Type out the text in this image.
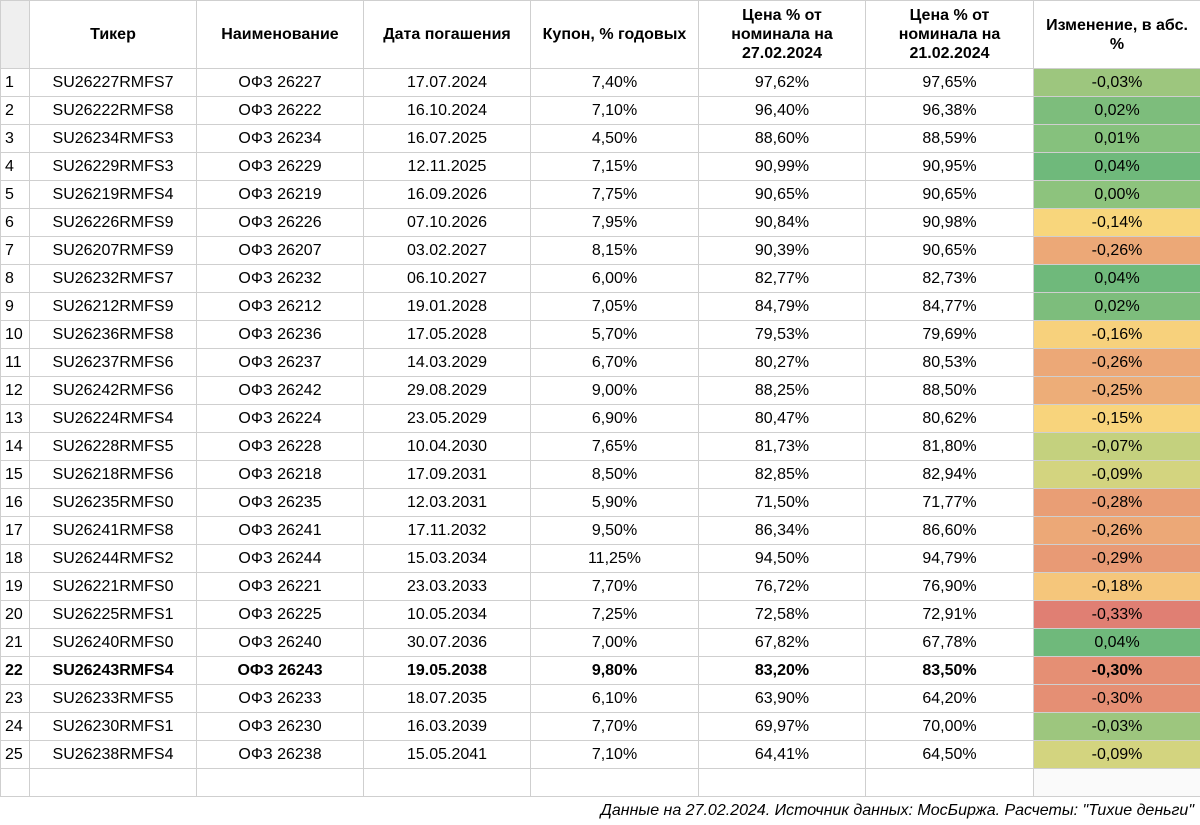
	Тикер	Наименование	Дата погашения	Купон, % годовых	Цена % от номинала на 27.02.2024	Цена % от номинала на 21.02.2024	Изменение, в абс. %
1	SU26227RMFS7	ОФЗ 26227	17.07.2024	7,40%	97,62%	97,65%	-0,03%
2	SU26222RMFS8	ОФЗ 26222	16.10.2024	7,10%	96,40%	96,38%	0,02%
3	SU26234RMFS3	ОФЗ 26234	16.07.2025	4,50%	88,60%	88,59%	0,01%
4	SU26229RMFS3	ОФЗ 26229	12.11.2025	7,15%	90,99%	90,95%	0,04%
5	SU26219RMFS4	ОФЗ 26219	16.09.2026	7,75%	90,65%	90,65%	0,00%
6	SU26226RMFS9	ОФЗ 26226	07.10.2026	7,95%	90,84%	90,98%	-0,14%
7	SU26207RMFS9	ОФЗ 26207	03.02.2027	8,15%	90,39%	90,65%	-0,26%
8	SU26232RMFS7	ОФЗ 26232	06.10.2027	6,00%	82,77%	82,73%	0,04%
9	SU26212RMFS9	ОФЗ 26212	19.01.2028	7,05%	84,79%	84,77%	0,02%
10	SU26236RMFS8	ОФЗ 26236	17.05.2028	5,70%	79,53%	79,69%	-0,16%
11	SU26237RMFS6	ОФЗ 26237	14.03.2029	6,70%	80,27%	80,53%	-0,26%
12	SU26242RMFS6	ОФЗ 26242	29.08.2029	9,00%	88,25%	88,50%	-0,25%
13	SU26224RMFS4	ОФЗ 26224	23.05.2029	6,90%	80,47%	80,62%	-0,15%
14	SU26228RMFS5	ОФЗ 26228	10.04.2030	7,65%	81,73%	81,80%	-0,07%
15	SU26218RMFS6	ОФЗ 26218	17.09.2031	8,50%	82,85%	82,94%	-0,09%
16	SU26235RMFS0	ОФЗ 26235	12.03.2031	5,90%	71,50%	71,77%	-0,28%
17	SU26241RMFS8	ОФЗ 26241	17.11.2032	9,50%	86,34%	86,60%	-0,26%
18	SU26244RMFS2	ОФЗ 26244	15.03.2034	11,25%	94,50%	94,79%	-0,29%
19	SU26221RMFS0	ОФЗ 26221	23.03.2033	7,70%	76,72%	76,90%	-0,18%
20	SU26225RMFS1	ОФЗ 26225	10.05.2034	7,25%	72,58%	72,91%	-0,33%
21	SU26240RMFS0	ОФЗ 26240	30.07.2036	7,00%	67,82%	67,78%	0,04%
22	SU26243RMFS4	ОФЗ 26243	19.05.2038	9,80%	83,20%	83,50%	-0,30%
23	SU26233RMFS5	ОФЗ 26233	18.07.2035	6,10%	63,90%	64,20%	-0,30%
24	SU26230RMFS1	ОФЗ 26230	16.03.2039	7,70%	69,97%	70,00%	-0,03%
25	SU26238RMFS4	ОФЗ 26238	15.05.2041	7,10%	64,41%	64,50%	-0,09%

Данные на 27.02.2024. Источник данных: МосБиржа. Расчеты: "Тихие деньги"
